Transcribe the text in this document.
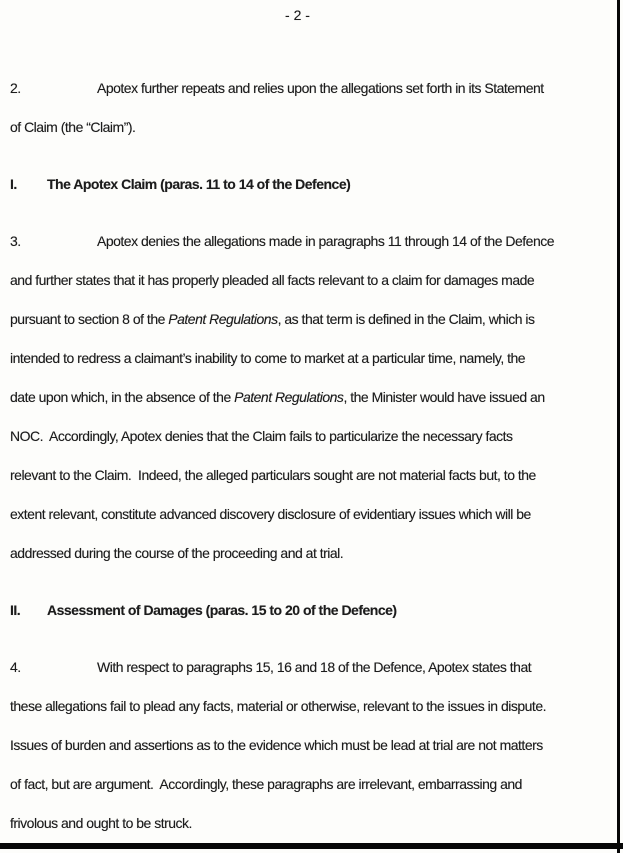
- 2 -
2.	Apotex further repeats and relies upon the allegations set forth in its Statement
of Claim (the “Claim”).
I. The Apotex Claim (paras. 11 to 14 of the Defence)
3.	Apotex denies the allegations made in paragraphs 11 through 14 of the Defence
and further states that it has properly pleaded all facts relevant to a claim for damages made
pursuant to section 8 of the Patent Regulations, as that term is defined in the Claim, which is
intended to redress a claimant’s inability to come to market at a particular time, namely, the
date upon which, in the absence of the Patent Regulations, the Minister would have issued an
NOC.  Accordingly, Apotex denies that the Claim fails to particularize the necessary facts
relevant to the Claim.  Indeed, the alleged particulars sought are not material facts but, to the
extent relevant, constitute advanced discovery disclosure of evidentiary issues which will be
addressed during the course of the proceeding and at trial.
II. Assessment of Damages (paras. 15 to 20 of the Defence)
4.	With respect to paragraphs 15, 16 and 18 of the Defence, Apotex states that
these allegations fail to plead any facts, material or otherwise, relevant to the issues in dispute.
Issues of burden and assertions as to the evidence which must be lead at trial are not matters
of fact, but are argument.  Accordingly, these paragraphs are irrelevant, embarrassing and
frivolous and ought to be struck.
